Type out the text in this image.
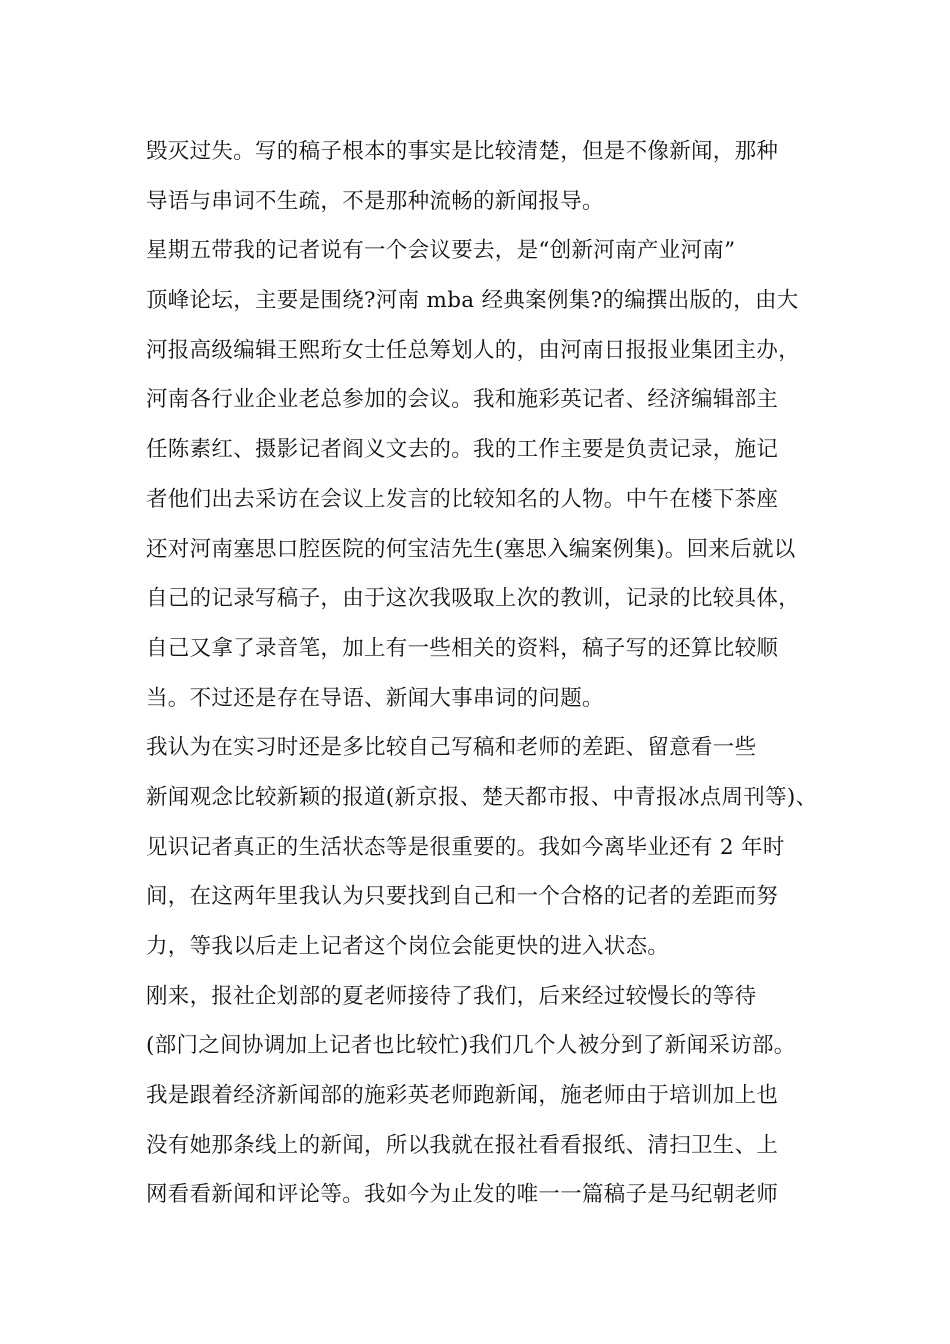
毁灭过失。写的稿子根本的事实是比较清楚，但是不像新闻，那种
导语与串词不生疏，不是那种流畅的新闻报导。
星期五带我的记者说有一个会议要去，是“创新河南产业河南”
顶峰论坛，主要是围绕?河南 mba 经典案例集?的编撰出版的，由大
河报高级编辑王熙珩女士任总筹划人的，由河南日报报业集团主办，
河南各行业企业老总参加的会议。我和施彩英记者、经济编辑部主
任陈素红、摄影记者阎义文去的。我的工作主要是负责记录，施记
者他们出去采访在会议上发言的比较知名的人物。中午在楼下茶座
还对河南塞思口腔医院的何宝洁先生(塞思入编案例集)。回来后就以
自己的记录写稿子，由于这次我吸取上次的教训，记录的比较具体，
自己又拿了录音笔，加上有一些相关的资料，稿子写的还算比较顺
当。不过还是存在导语、新闻大事串词的问题。
我认为在实习时还是多比较自己写稿和老师的差距、留意看一些
新闻观念比较新颖的报道(新京报、楚天都市报、中青报冰点周刊等)、
见识记者真正的生活状态等是很重要的。我如今离毕业还有 2 年时
间，在这两年里我认为只要找到自己和一个合格的记者的差距而努
力，等我以后走上记者这个岗位会能更快的进入状态。
刚来，报社企划部的夏老师接待了我们，后来经过较慢长的等待
(部门之间协调加上记者也比较忙)我们几个人被分到了新闻采访部。
我是跟着经济新闻部的施彩英老师跑新闻，施老师由于培训加上也
没有她那条线上的新闻，所以我就在报社看看报纸、清扫卫生、上
网看看新闻和评论等。我如今为止发的唯一一篇稿子是马纪朝老师
